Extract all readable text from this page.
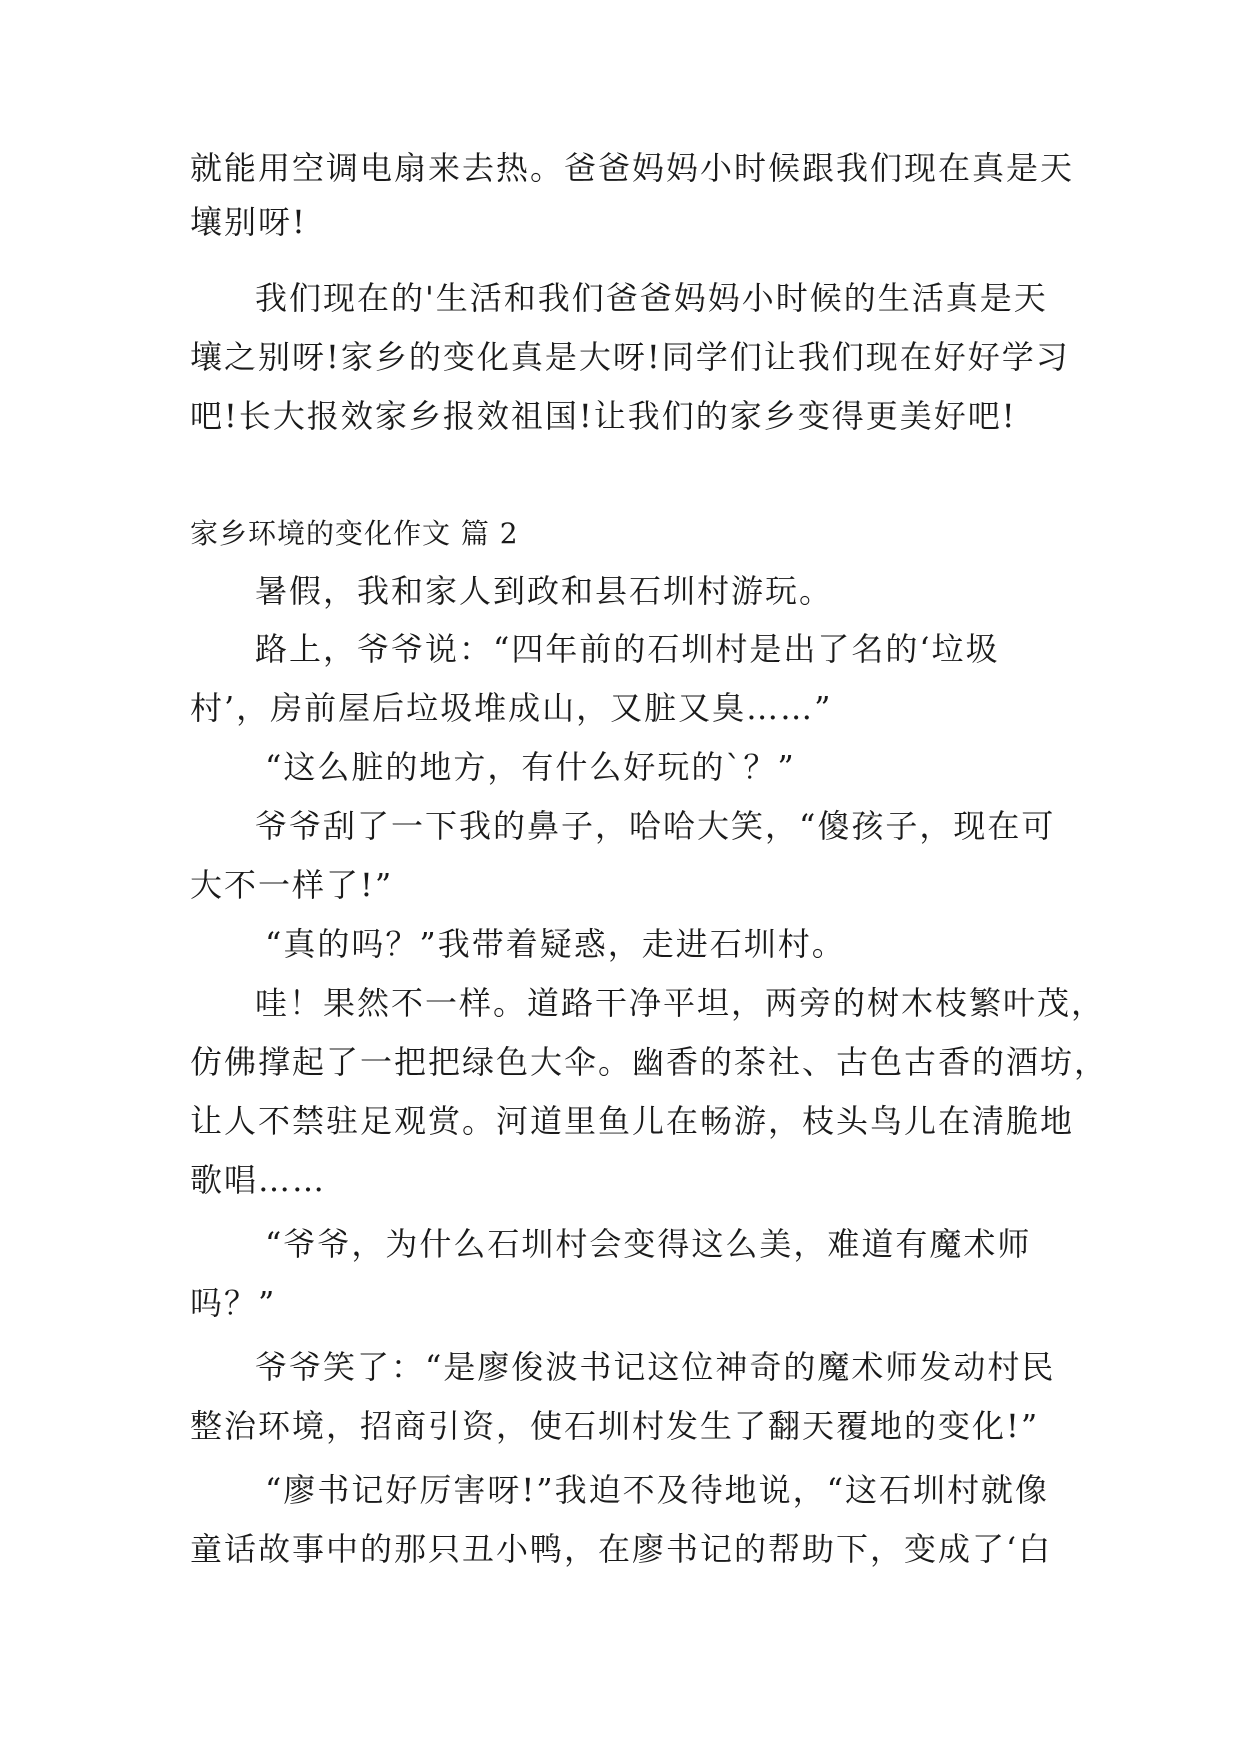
就能用空调电扇来去热。爸爸妈妈小时候跟我们现在真是天
壤别呀!
我们现在的'生活和我们爸爸妈妈小时候的生活真是天
壤之别呀!家乡的变化真是大呀!同学们让我们现在好好学习
吧!长大报效家乡报效祖国!让我们的家乡变得更美好吧!
家乡环境的变化作文 篇 2
暑假，我和家人到政和县石圳村游玩。
路上，爷爷说：“四年前的石圳村是出了名的‘垃圾
村’，房前屋后垃圾堆成山，又脏又臭……”
“这么脏的地方，有什么好玩的`？”
爷爷刮了一下我的鼻子，哈哈大笑，“傻孩子，现在可
大不一样了!”
“真的吗？”我带着疑惑，走进石圳村。
哇！果然不一样。道路干净平坦，两旁的树木枝繁叶茂，
仿佛撑起了一把把绿色大伞。幽香的茶社、古色古香的酒坊，
让人不禁驻足观赏。河道里鱼儿在畅游，枝头鸟儿在清脆地
歌唱……
“爷爷，为什么石圳村会变得这么美，难道有魔术师
吗？”
爷爷笑了：“是廖俊波书记这位神奇的魔术师发动村民
整治环境，招商引资，使石圳村发生了翻天覆地的变化!”
“廖书记好厉害呀!”我迫不及待地说，“这石圳村就像
童话故事中的那只丑小鸭，在廖书记的帮助下，变成了‘白
